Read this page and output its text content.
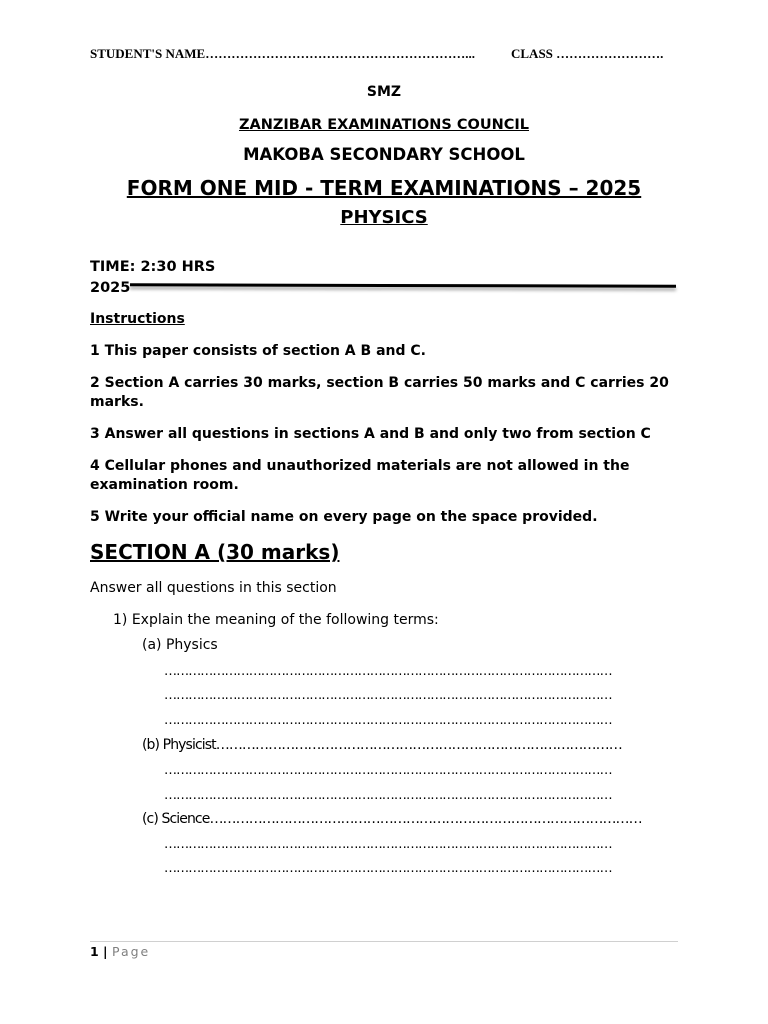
STUDENT'S NAME……………………………………………………...	CLASS …………………….
SMZ
ZANZIBAR EXAMINATIONS COUNCIL
MAKOBA SECONDARY SCHOOL
FORM ONE MID - TERM EXAMINATIONS – 2025
PHYSICS
TIME: 2:30 HRS
2025
Instructions
1 This paper consists of section A B and C.
2 Section A carries 30 marks, section B carries 50 marks and C carries 20 marks.
3 Answer all questions in sections A and B and only two from section C
4 Cellular phones and unauthorized materials are not allowed in the examination room.
5 Write your official name on every page on the space provided.
SECTION A (30 marks)
Answer all questions in this section
1) Explain the meaning of the following terms:
(a) Physics
…………………………………………………………………………………………………
…………………………………………………………………………………………………
…………………………………………………………………………………………………
(b) Physicist…………………………………………………………………………………
…………………………………………………………………………………………………
…………………………………………………………………………………………………
(c) Science………………………………………………………………………………………
…………………………………………………………………………………………………
…………………………………………………………………………………………………
1 | Page
